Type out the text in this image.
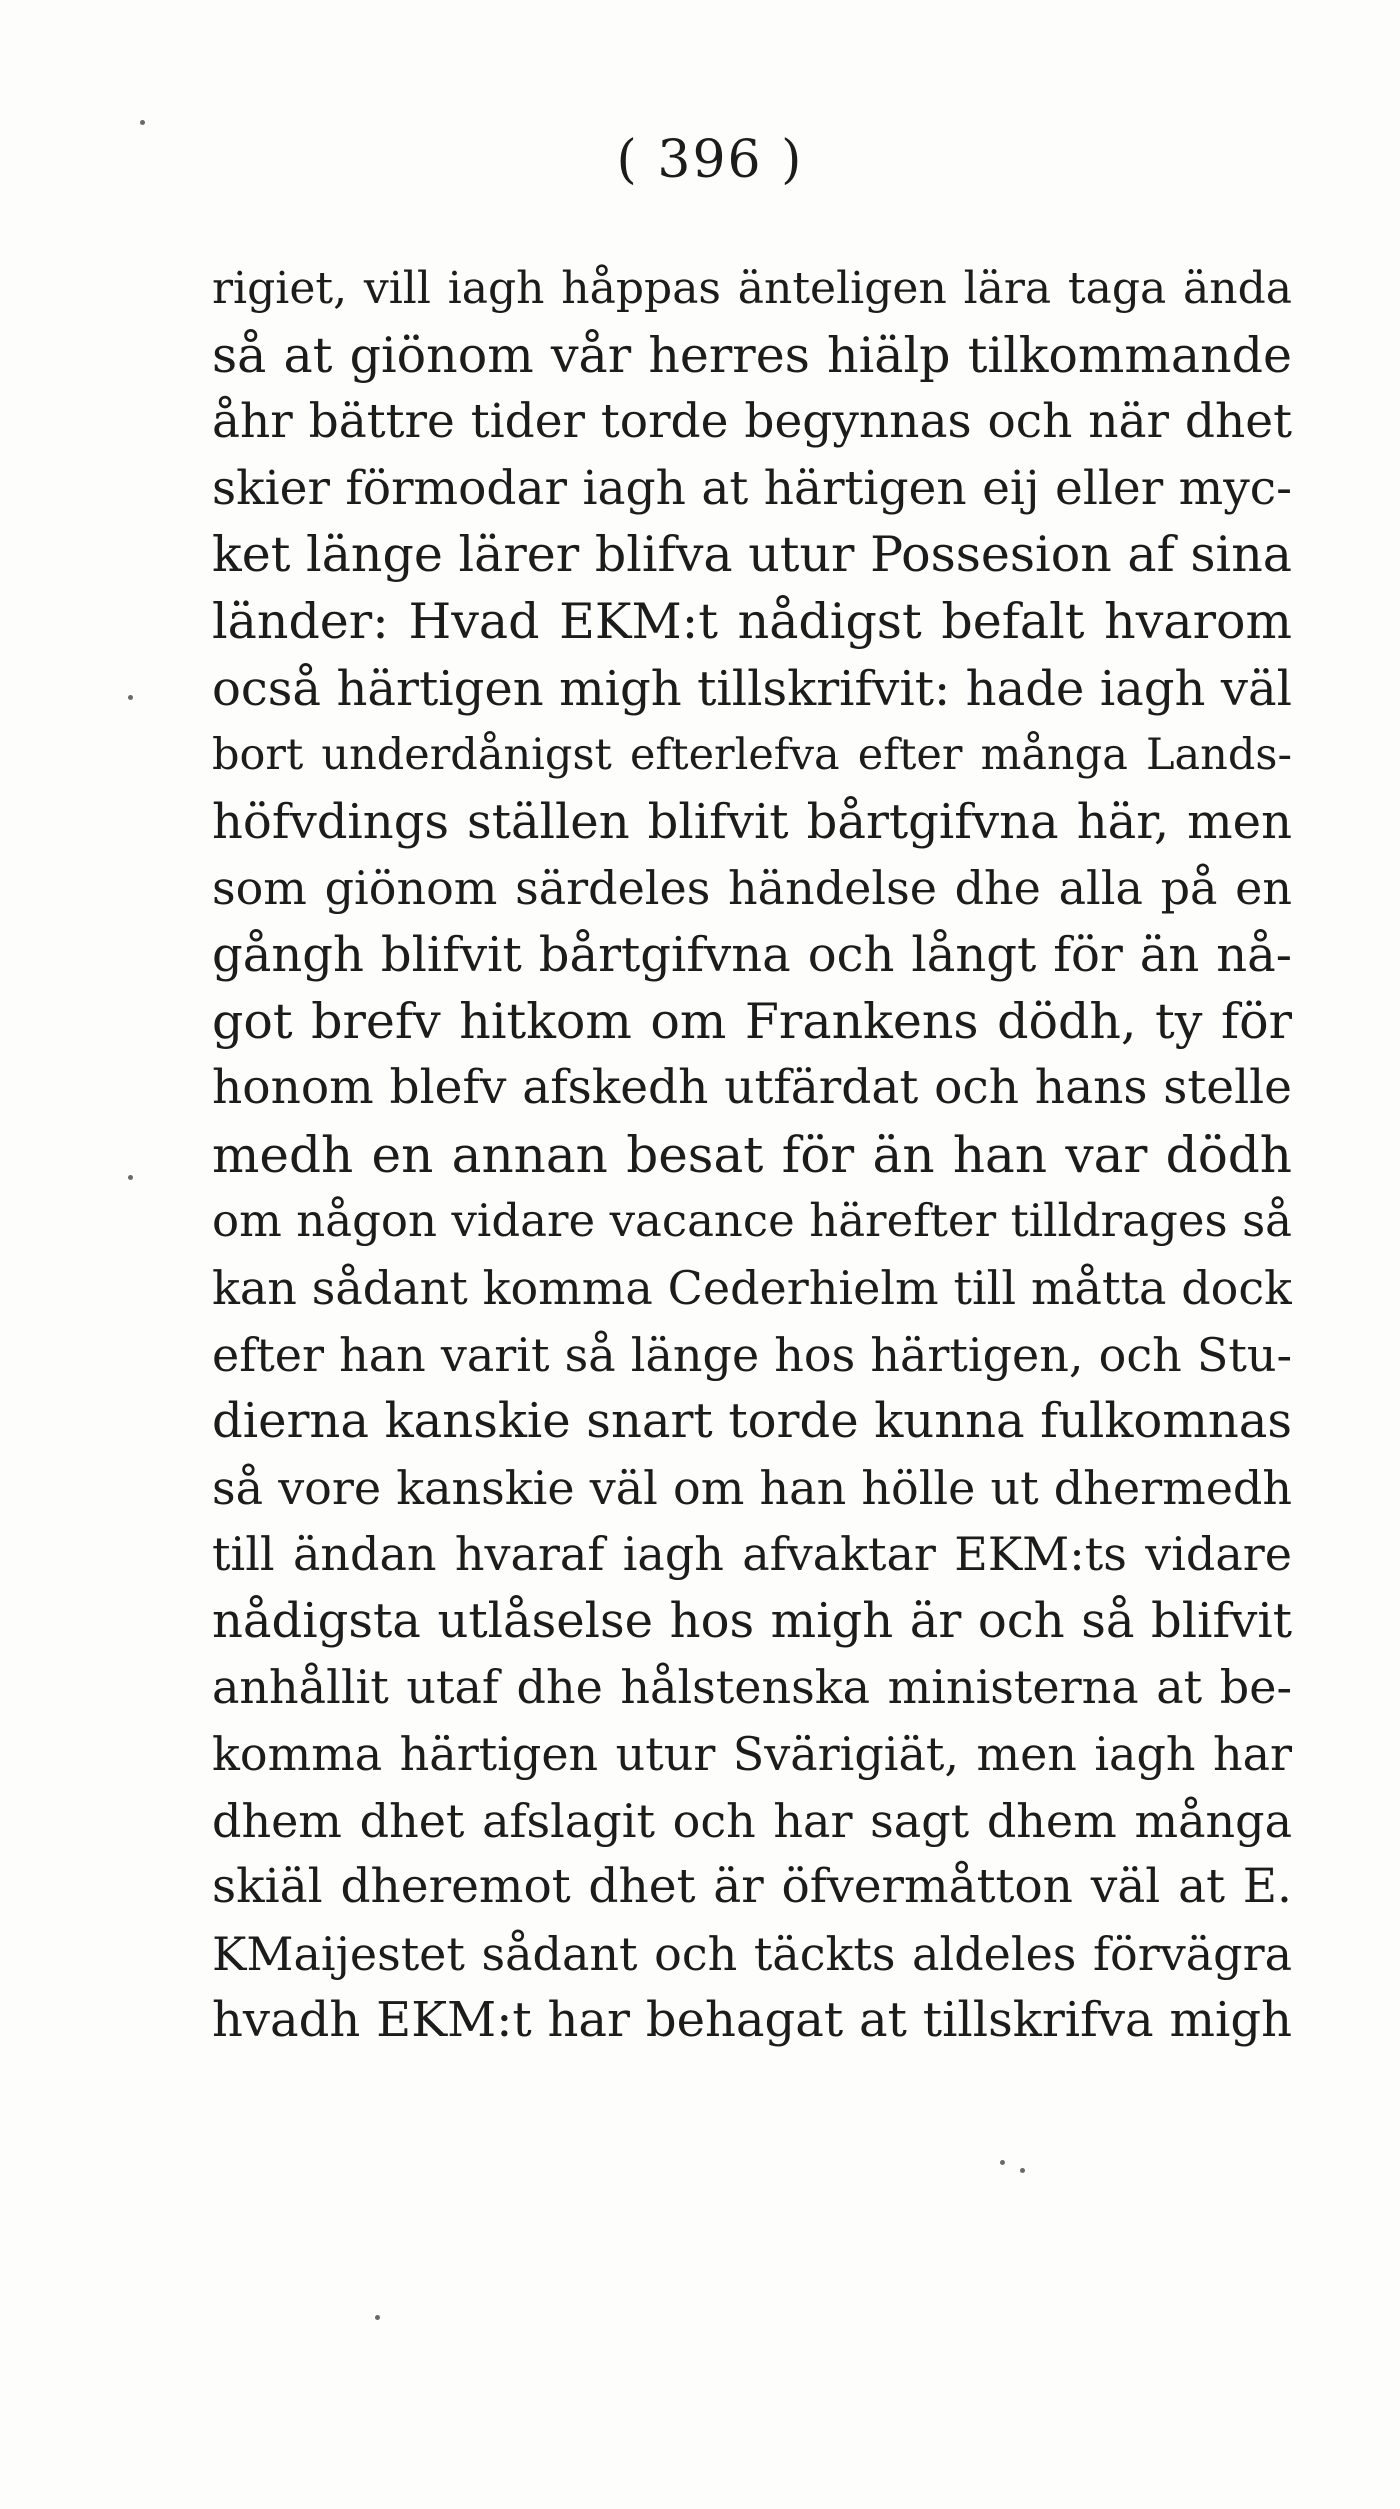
( 396 )
rigiet, vill iagh håppas änteligen lära taga ända
så at giönom vår herres hiälp tilkommande
åhr bättre tider torde begynnas och när dhet
skier förmodar iagh at härtigen eij eller myc-
ket länge lärer blifva utur Possesion af sina
länder: Hvad EKM:t nådigst befalt hvarom
ocså härtigen migh tillskrifvit: hade iagh väl
bort underdånigst efterlefva efter många Lands-
höfvdings ställen blifvit bårtgifvna här, men
som giönom särdeles händelse dhe alla på en
gångh blifvit bårtgifvna och långt för än nå-
got brefv hitkom om Frankens dödh, ty för
honom blefv afskedh utfärdat och hans stelle
medh en annan besat för än han var dödh
om någon vidare vacance härefter tilldrages så
kan sådant komma Cederhielm till måtta dock
efter han varit så länge hos härtigen, och Stu-
dierna kanskie snart torde kunna fulkomnas
så vore kanskie väl om han hölle ut dhermedh
till ändan hvaraf iagh afvaktar EKM:ts vidare
nådigsta utlåselse hos migh är och så blifvit
anhållit utaf dhe hålstenska ministerna at be-
komma härtigen utur Svärigiät, men iagh har
dhem dhet afslagit och har sagt dhem många
skiäl dheremot dhet är öfvermåtton väl at E.
KMaijestet sådant och täckts aldeles förvägra
hvadh EKM:t har behagat at tillskrifva migh
